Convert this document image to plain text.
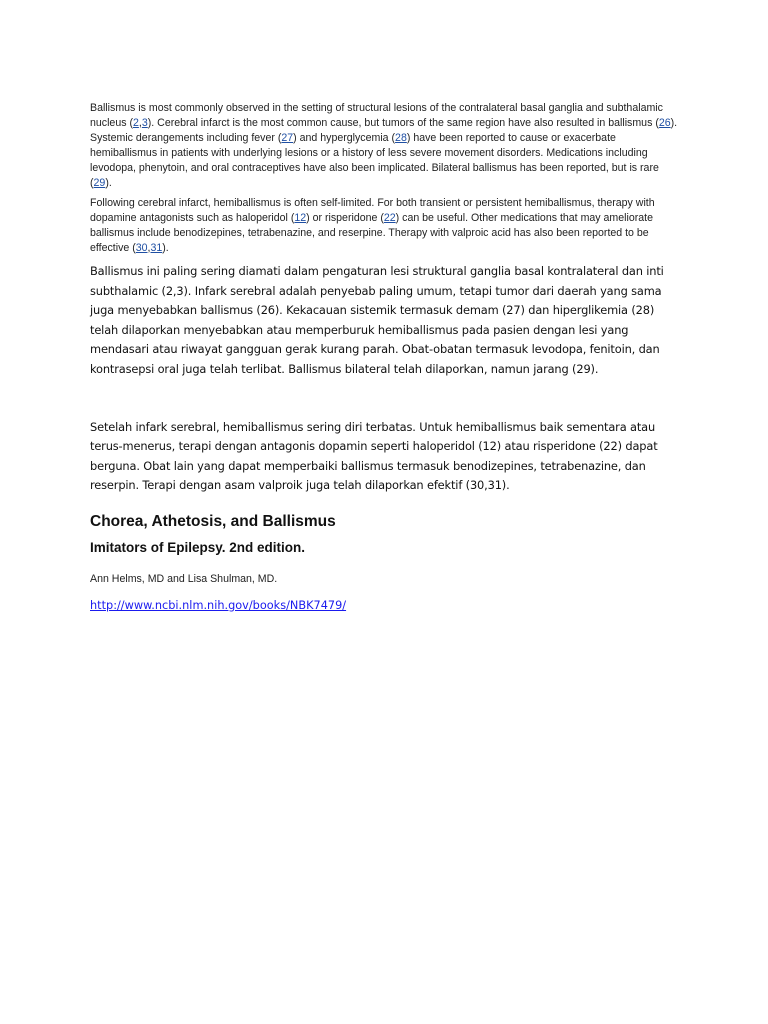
Ballismus is most commonly observed in the setting of structural lesions of the contralateral basal ganglia and subthalamic nucleus (2,3). Cerebral infarct is the most common cause, but tumors of the same region have also resulted in ballismus (26). Systemic derangements including fever (27) and hyperglycemia (28) have been reported to cause or exacerbate hemiballismus in patients with underlying lesions or a history of less severe movement disorders. Medications including levodopa, phenytoin, and oral contraceptives have also been implicated. Bilateral ballismus has been reported, but is rare (29).

Following cerebral infarct, hemiballismus is often self-limited. For both transient or persistent hemiballismus, therapy with dopamine antagonists such as haloperidol (12) or risperidone (22) can be useful. Other medications that may ameliorate ballismus include benodizepines, tetrabenazine, and reserpine. Therapy with valproic acid has also been reported to be effective (30,31).

Ballismus ini paling sering diamati dalam pengaturan lesi struktural ganglia basal kontralateral dan inti subthalamic (2,3). Infark serebral adalah penyebab paling umum, tetapi tumor dari daerah yang sama juga menyebabkan ballismus (26). Kekacauan sistemik termasuk demam (27) dan hiperglikemia (28) telah dilaporkan menyebabkan atau memperburuk hemiballismus pada pasien dengan lesi yang mendasari atau riwayat gangguan gerak kurang parah. Obat-obatan termasuk levodopa, fenitoin, dan kontrasepsi oral juga telah terlibat. Ballismus bilateral telah dilaporkan, namun jarang (29).

Setelah infark serebral, hemiballismus sering diri terbatas. Untuk hemiballismus baik sementara atau terus-menerus, terapi dengan antagonis dopamin seperti haloperidol (12) atau risperidone (22) dapat berguna. Obat lain yang dapat memperbaiki ballismus termasuk benodizepines, tetrabenazine, dan reserpin. Terapi dengan asam valproik juga telah dilaporkan efektif (30,31).

Chorea, Athetosis, and Ballismus
Imitators of Epilepsy. 2nd edition.

Ann Helms, MD and Lisa Shulman, MD.

http://www.ncbi.nlm.nih.gov/books/NBK7479/
